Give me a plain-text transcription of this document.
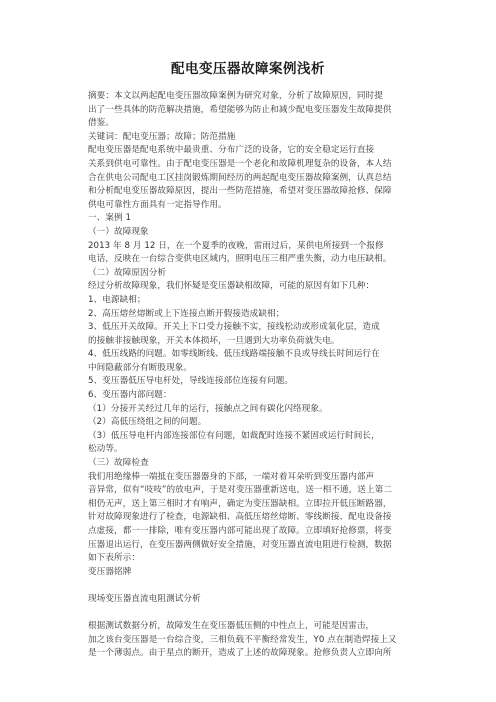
配电变压器故障案例浅析
摘要：本文以两起配电变压器故障案例为研究对象，分析了故障原因，同时提
出了一些具体的防范解决措施，希望能够为防止和减少配电变压器发生故障提供
借鉴。
关键词：配电变压器；故障；防范措施
配电变压器是配电系统中最贵重、分布广泛的设备，它的安全稳定运行直接
关系到供电可靠性。由于配电变压器是一个老化和故障机理复杂的设备，本人结
合在供电公司配电工区挂岗锻炼期间经历的两起配电变压器故障案例，认真总结
和分析配电变压器故障原因，提出一些防范措施，希望对变压器故障抢修、保障
供电可靠性方面具有一定指导作用。
一、案例 1
（一）故障现象
2013 年 8 月 12 日，在一个夏季的夜晚，雷雨过后，某供电所接到一个报修
电话，反映在一台综合变供电区域内，照明电压三相严重失衡，动力电压缺相。
（二）故障原因分析
经过分析故障现象，我们怀疑是变压器缺相故障，可能的原因有如下几种：
1、电源缺相；
2、高压熔丝熔断或上下连接点断开假接造成缺相；
3、低压开关故障。开关上下口受力接触不实，接线松动或形成氧化层，造成
的接触非接触现象，开关本体损坏，一旦遇到大功率负荷就失电。
4、低压线路的问题。如零线断线、低压线路端接触不良或导线长时间运行在
中间隐蔽部分有断股现象。
5、变压器低压导电杆处，导线连接部位连接有问题。
6、变压器内部问题：
（1）分接开关经过几年的运行，接触点之间有碳化闪络现象。
（2）高低压绕组之间的问题。
（3）低压导电杆内部连接部位有问题，如裁配时连接不紧固或运行时间长，
松动等。
（三）故障检查
我们用绝缘棒一端抵在变压器器身的下部，一端对着耳朵听到变压器内部声
音异常，似有“吱吱”的放电声，于是对变压器重新送电，送一相不通，送上第二
相仍无声，送上第三相时才有响声，确定为变压器缺相。立即拉开低压断路器，
针对故障现象进行了检查，电源缺相、高低压熔丝熔断、零线断接、配电设备接
点虚接，都一一排除，唯有变压器内部可能出现了故障。立即填好抢修票，将变
压器退出运行，在变压器两侧做好安全措施，对变压器直流电阻进行检测，数据
如下表所示：
变压器铭牌
现场变压器直流电阻测试分析
根据测试数据分析，故障发生在变压器低压侧的中性点上，可能是因雷击，
加之该台变压器是一台综合变，三相负载不平衡经常发生，Y0 点在制造焊接上又
是一个薄弱点。由于星点的断开，造成了上述的故障现象。抢修负责人立即向所
